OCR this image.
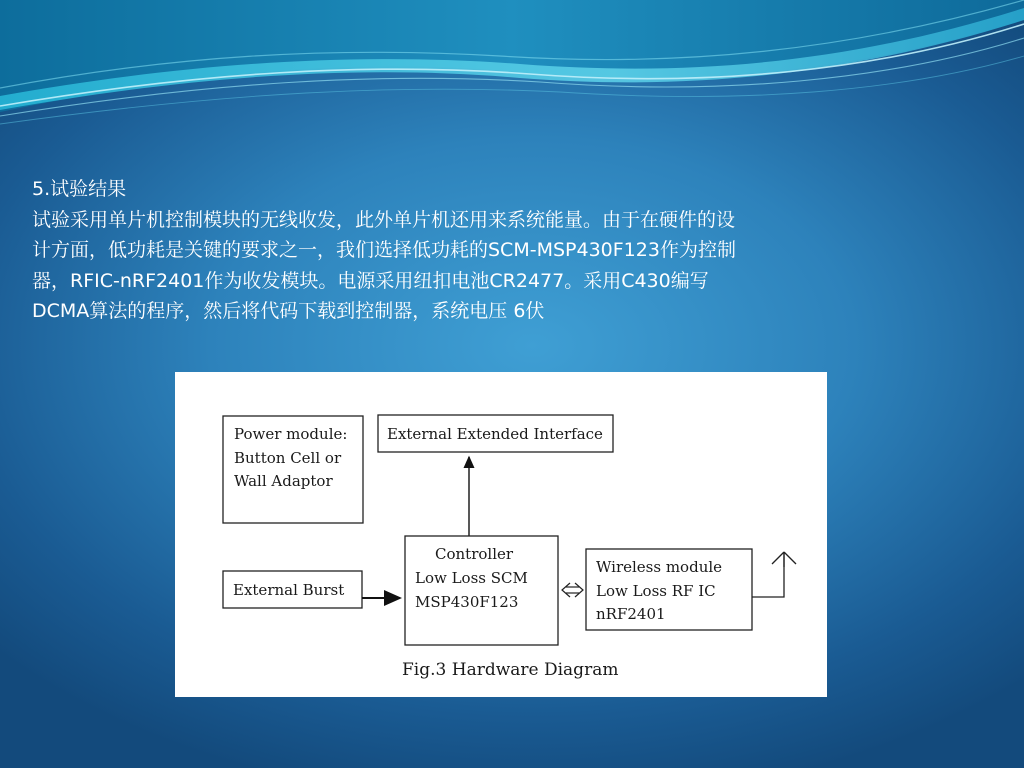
5.试验结果

试验采用单片机控制模块的无线收发，此外单片机还用来系统能量。由于在硬件的设

计方面，低功耗是关键的要求之一，我们选择低功耗的SCM-MSP430F123作为控制

器，RFIC-nRF2401作为收发模块。电源采用纽扣电池CR2477。采用C430编写

DCMA算法的程序，然后将代码下载到控制器，系统电压 6伏

Power module:
Button Cell or
Wall Adaptor
External Extended Interface
External Burst
Controller
Low Loss SCM
MSP430F123
Wireless module
Low Loss RF IC
nRF2401
Fig.3 Hardware Diagram
